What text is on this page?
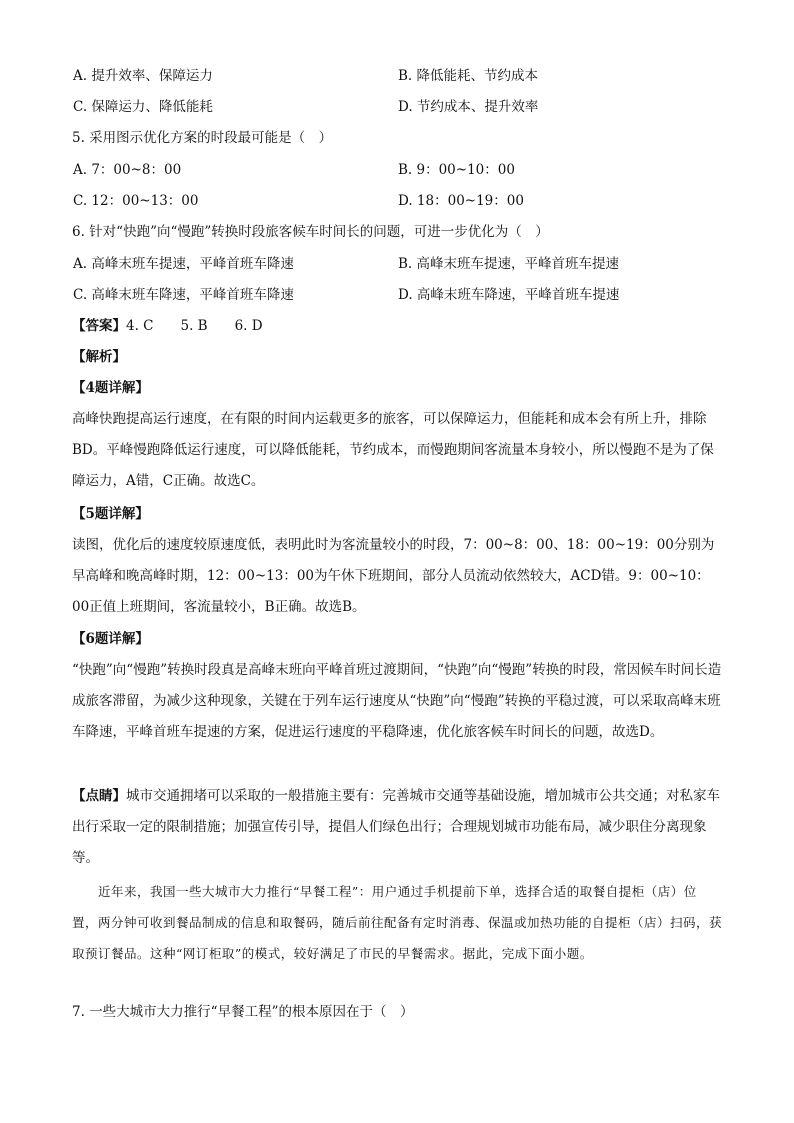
A. 提升效率、保障运力	B. 降低能耗、节约成本
C. 保障运力、降低能耗	D. 节约成本、提升效率
5. 采用图示优化方案的时段最可能是（　）
A. 7：00~8：00	B. 9：00~10：00
C. 12：00~13：00	D. 18：00~19：00
6. 针对“快跑”向“慢跑”转换时段旅客候车时间长的问题，可进一步优化为（　）
A. 高峰末班车提速，平峰首班车降速	B. 高峰末班车提速，平峰首班车提速
C. 高峰末班车降速，平峰首班车降速	D. 高峰末班车降速，平峰首班车提速
【答案】4. C　　5. B　　6. D
【解析】
【4题详解】
高峰快跑提高运行速度，在有限的时间内运载更多的旅客，可以保障运力，但能耗和成本会有所上升，排除BD。平峰慢跑降低运行速度，可以降低能耗，节约成本，而慢跑期间客流量本身较小，所以慢跑不是为了保障运力，A错，C正确。故选C。
【5题详解】
读图，优化后的速度较原速度低，表明此时为客流量较小的时段，7：00~8：00、18：00~19：00分别为早高峰和晚高峰时期，12：00~13：00为午休下班期间，部分人员流动依然较大，ACD错。9：00~10：00正值上班期间，客流量较小，B正确。故选B。
【6题详解】
“快跑”向“慢跑”转换时段真是高峰末班向平峰首班过渡期间，“快跑”向“慢跑”转换的时段，常因候车时间长造成旅客滞留，为减少这种现象，关键在于列车运行速度从“快跑”向“慢跑”转换的平稳过渡，可以采取高峰末班车降速，平峰首班车提速的方案，促进运行速度的平稳降速，优化旅客候车时间长的问题，故选D。
【点睛】城市交通拥堵可以采取的一般措施主要有：完善城市交通等基础设施，增加城市公共交通；对私家车出行采取一定的限制措施；加强宣传引导，提倡人们绿色出行；合理规划城市功能布局，减少职住分离现象等。
近年来，我国一些大城市大力推行“早餐工程”：用户通过手机提前下单，选择合适的取餐自提柜（店）位置，两分钟可收到餐品制成的信息和取餐码，随后前往配备有定时消毒、保温或加热功能的自提柜（店）扫码，获取预订餐品。这种“网订柜取”的模式，较好满足了市民的早餐需求。据此，完成下面小题。
7. 一些大城市大力推行“早餐工程”的根本原因在于（　）
